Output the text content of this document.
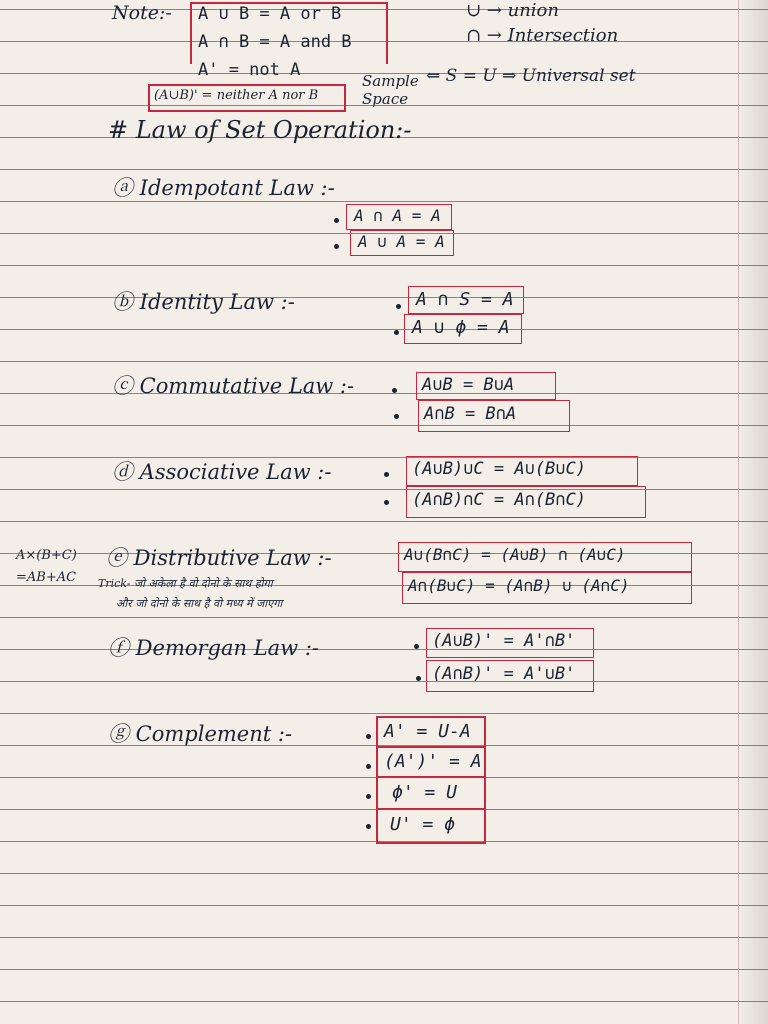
Note:- A ∪ B = A or B
A ∩ B = A and B
A' = not A
(A∪B)' = neither A nor B
∪ → union
∩ → Intersection
Sample Space
⇐ S = U ⇒ Universal set
# Law of Set Operation:-
ⓐ Idempotant Law :-
A ∩ A = A
A ∪ A = A
ⓑ Identity Law :-	A ∩ S = A
A ∪ ϕ = A
ⓒ Commutative Law :-	A∪B = B∪A
A∩B = B∩A
ⓓ Associative Law :-	(A∪B)∪C = A∪(B∪C)
(A∩B)∩C = A∩(B∩C)
A×(B+C)
=AB+AC
ⓔ Distributive Law :-	A∪(B∩C) = (A∪B) ∩ (A∪C)
A∩(B∪C) = (A∩B) ∪ (A∩C)
Trick- जो अकेला है वो दोनो के साथ होगा
और जो दोनो के साथ है वो मध्य में जाएगा
ⓕ Demorgan Law :-	(A∪B)' = A'∩B'
(A∩B)' = A'∪B'
ⓖ Complement :-	A' = U-A
(A')' = A
ϕ' = U
U' = ϕ
